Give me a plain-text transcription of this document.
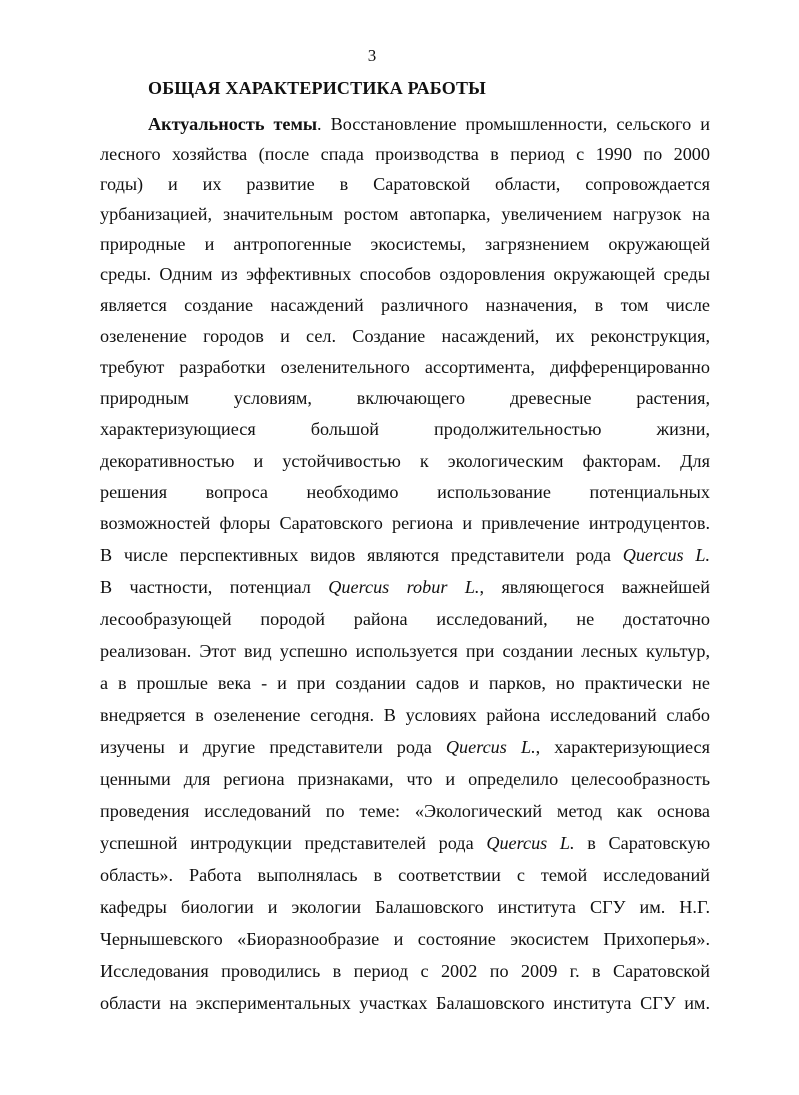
3
ОБЩАЯ ХАРАКТЕРИСТИКА РАБОТЫ
Актуальность темы. Восстановление промышленности, сельского и
лесного хозяйства (после спада производства в период с 1990 по 2000
годы) и их развитие в Саратовской области, сопровождается
урбанизацией, значительным ростом автопарка, увеличением нагрузок на
природные и антропогенные экосистемы, загрязнением окружающей
среды. Одним из эффективных способов оздоровления окружающей среды
является создание насаждений различного назначения, в том числе
озеленение городов и сел. Создание насаждений, их реконструкция,
требуют разработки озеленительного ассортимента, дифференцированно
природным условиям, включающего древесные растения,
характеризующиеся большой продолжительностью жизни,
декоративностью и устойчивостью к экологическим факторам. Для
решения вопроса необходимо использование потенциальных
возможностей флоры Саратовского региона и привлечение интродуцентов.
В числе перспективных видов являются представители рода Quercus L.
В частности, потенциал Quercus robur L., являющегося важнейшей
лесообразующей породой района исследований, не достаточно
реализован. Этот вид успешно используется при создании лесных культур,
а в прошлые века - и при создании садов и парков, но практически не
внедряется в озеленение сегодня. В условиях района исследований слабо
изучены и другие представители рода Quercus L., характеризующиеся
ценными для региона признаками, что и определило целесообразность
проведения исследований по теме: «Экологический метод как основа
успешной интродукции представителей рода Quercus L. в Саратовскую
область». Работа выполнялась в соответствии с темой исследований
кафедры биологии и экологии Балашовского института СГУ им. Н.Г.
Чернышевского «Биоразнообразие и состояние экосистем Прихоперья».
Исследования проводились в период с 2002 по 2009 г. в Саратовской
области на экспериментальных участках Балашовского института СГУ им.
